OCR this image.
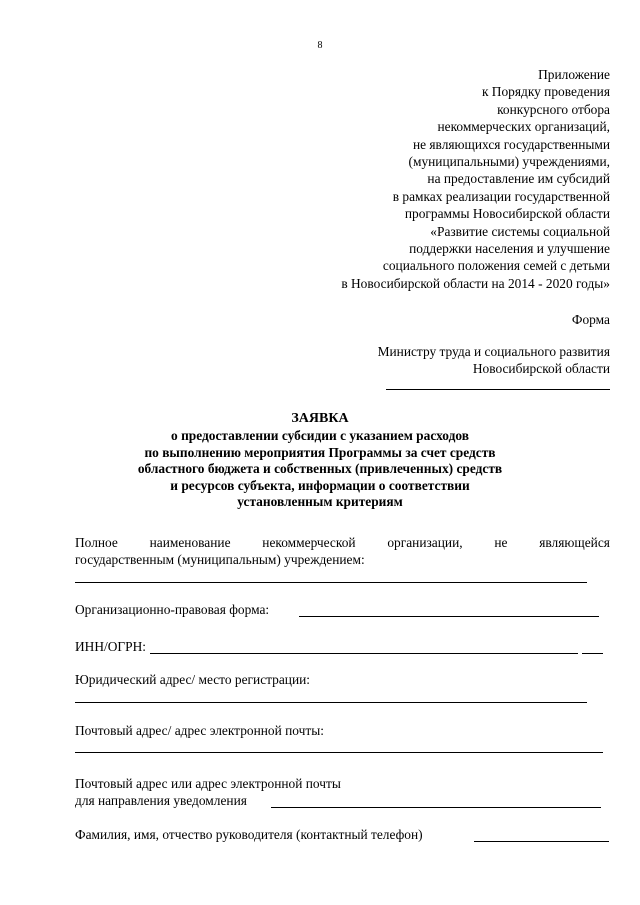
8
Приложение
к Порядку проведения
конкурсного отбора
некоммерческих организаций,
не являющихся государственными
(муниципальными) учреждениями,
на предоставление им субсидий
в рамках реализации государственной
программы Новосибирской области
«Развитие системы социальной
поддержки населения и улучшение
социального положения семей с детьми
в Новосибирской области на 2014 - 2020 годы»
Форма
Министру труда и социального развития
Новосибирской области
ЗАЯВКА
о предоставлении субсидии с указанием расходов
по выполнению мероприятия Программы за счет средств
областного бюджета и собственных (привлеченных) средств
и ресурсов субъекта, информации о соответствии
установленным критериям
Полное наименование некоммерческой организации, не являющейся
государственным (муниципальным) учреждением:
Организационно-правовая форма:
ИНН/ОГРН:
Юридический адрес/ место регистрации:
Почтовый адрес/ адрес электронной почты:
Почтовый адрес или адрес электронной почты
для направления уведомления
Фамилия, имя, отчество руководителя (контактный телефон)
